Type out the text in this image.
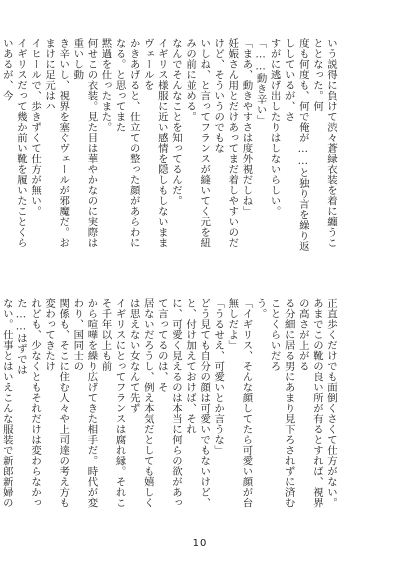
いう説得に負けて渋々蒼緑衣装を着に纏うこととなった。何
度も何度も、何で俺が……と独り言を繰り返ししているが、さ
すがに逃げ出したりはしないらしい。
「……動き辛い」
「まあ、動きやすさは度外視だしね」
妊娠さん用とだけあってまだ着しやすいのだけど、そういうのでもな
いしね、と言ってフランスが縫いてく元を紐みの前に並める。
なんでそんなことを知ってるんだ。
イギリス様服に近い感情を隠しもしないままヴェールを
かきあげると、仕立ての整った顔があらわになる。と思ってまた
黙過を仕ったまた。
何せこの衣装。見た目は華やかなのに実際は重いし動
き辛いし、視界を塞ぐヴェールが邪魔だ。おまけに足元はハ
イヒールで、歩きずくて仕方が無い。
イギリスだって幾か前い靴を履いたことくらいあるが、今
正直歩くだけでも面倒くさくて仕方がない。
あまでこの靴の良い所が有るとすれば、視界の高さが上がる
る分細に居る男にあまり見下ろされずに済むことくらいだろ
う。
「イギリス、そんな顔してたら可愛い顔が台無しだよ」
「うるせえ、可愛いとか言うな」
どう見ても自分の顔は可愛いでもないけど、と、付け加えておけば、それ
に、可愛く見えるのは本当に何らの欲があって言ってるのは、そ
居ないだろうし、例え本気だとしても嬉しくは思えない女なんて先ず
イギリスにとってフランスは腐れ縁。それこそ千年以上も前
から喧嘩を繰り広げてきた相手だ。時代が変わり、国同士の
関係も、そこに住む人々や上司達の考え方も変わってきたけ
れども、少なくともそれだけは変わらなかった……はずでは
ない。仕事とはいえこんな服装で新郎新婦の
10
